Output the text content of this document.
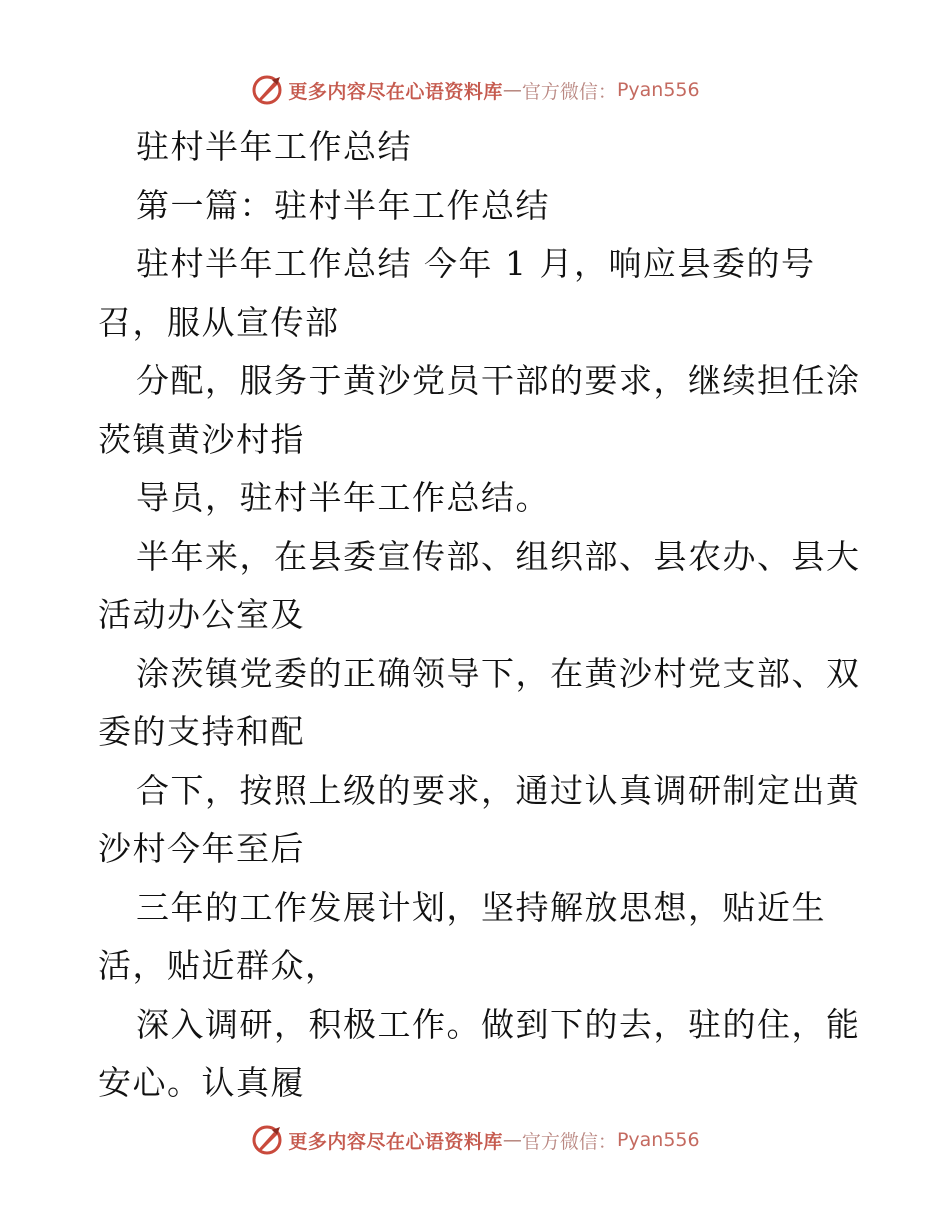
更多内容尽在心语资料库 — 官方微信： Pyan556
驻村半年工作总结
第一篇：驻村半年工作总结
驻村半年工作总结 今年 1 月，响应县委的号
召，服从宣传部
分配，服务于黄沙党员干部的要求，继续担任涂
茨镇黄沙村指
导员，驻村半年工作总结。
半年来，在县委宣传部、组织部、县农办、县大
活动办公室及
涂茨镇党委的正确领导下，在黄沙村党支部、双
委的支持和配
合下，按照上级的要求，通过认真调研制定出黄
沙村今年至后
三年的工作发展计划，坚持解放思想，贴近生
活，贴近群众，
深入调研，积极工作。做到下的去，驻的住，能
安心。认真履
更多内容尽在心语资料库 — 官方微信： Pyan556
